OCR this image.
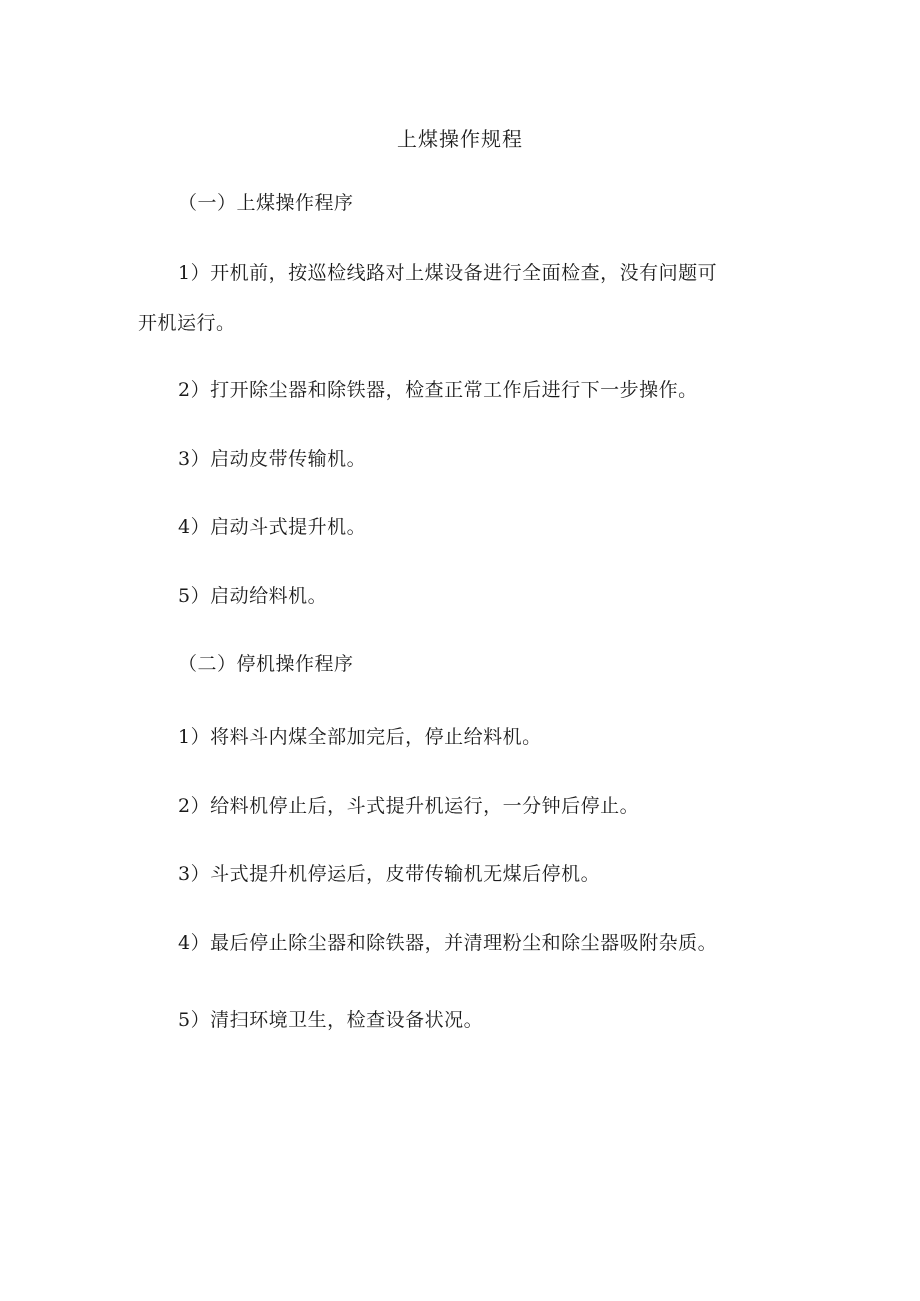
上煤操作规程
（一）上煤操作程序
1）开机前，按巡检线路对上煤设备进行全面检查，没有问题可
开机运行。
2）打开除尘器和除铁器，检查正常工作后进行下一步操作。
3）启动皮带传输机。
4）启动斗式提升机。
5）启动给料机。
（二）停机操作程序
1）将料斗内煤全部加完后，停止给料机。
2）给料机停止后，斗式提升机运行，一分钟后停止。
3）斗式提升机停运后，皮带传输机无煤后停机。
4）最后停止除尘器和除铁器，并清理粉尘和除尘器吸附杂质。
5）清扫环境卫生，检查设备状况。
